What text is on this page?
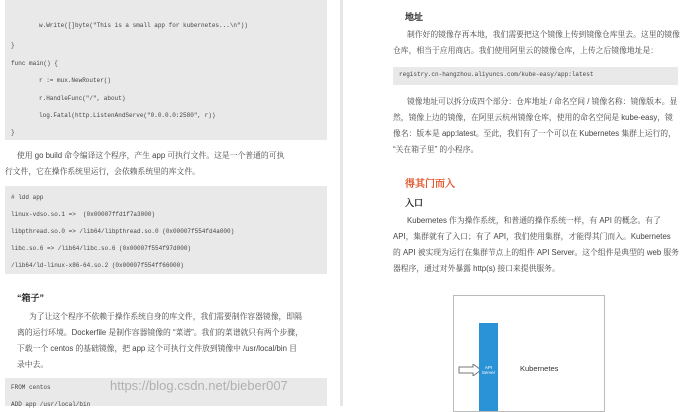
w.Write([]byte("This is a small app for kubernetes...\n"))
}
func main() {
r := mux.NewRouter()
r.HandleFunc("/", about)
log.Fatal(http.ListenAndServe("0.0.0.0:2580", r))
}
使用 go build 命令编译这个程序，产生 app 可执行文件。这是一个普通的可执
行文件，它在操作系统里运行，会依赖系统里的库文件。
# ldd app
linux-vdso.so.1 =>  (0x00007ffd1f7a3000)
libpthread.so.0 => /lib64/libpthread.so.0 (0x00007f554fd4a000)
libc.so.6 => /lib64/libc.so.6 (0x00007f554f97d000)
/lib64/ld-linux-x86-64.so.2 (0x00007f554ff66000)
“箱子”
为了让这个程序不依赖于操作系统自身的库文件，我们需要制作容器镜像，即隔
离的运行环境。Dockerfile 是制作容器镜像的 “菜谱”。我们的菜谱就只有两个步骤，
下载一个 centos 的基础镜像，把 app 这个可执行文件放到镜像中 /usr/local/bin 目
录中去。
FROM centos
ADD app /usr/local/bin
地址
制作好的镜像存再本地，我们需要把这个镜像上传到镜像仓库里去。这里的镜像
仓库，相当于应用商店。我们使用阿里云的镜像仓库，上传之后镜像地址是：
registry.cn-hangzhou.aliyuncs.com/kube-easy/app:latest
镜像地址可以拆分成四个部分：仓库地址 / 命名空间 / 镜像名称：镜像版本。显
然，镜像上边的镜像，在阿里云杭州镜像仓库，使用的命名空间是 kube-easy，镜
像名：版本是 app:latest。至此，我们有了一个可以在 Kubernetes 集群上运行的，
“关在箱子里” 的小程序。
得其门而入
入口
Kubernetes 作为操作系统，和普通的操作系统一样，有 API 的概念。有了
API，集群就有了入口；有了 API，我们使用集群，才能得其门而入。Kubernetes
的 API 被实现为运行在集群节点上的组件 API Server。这个组件是典型的 web 服务
器程序，通过对外暴露 http(s) 接口来提供服务。
API Server	Kubernetes
https://blog.csdn.net/bieber007
